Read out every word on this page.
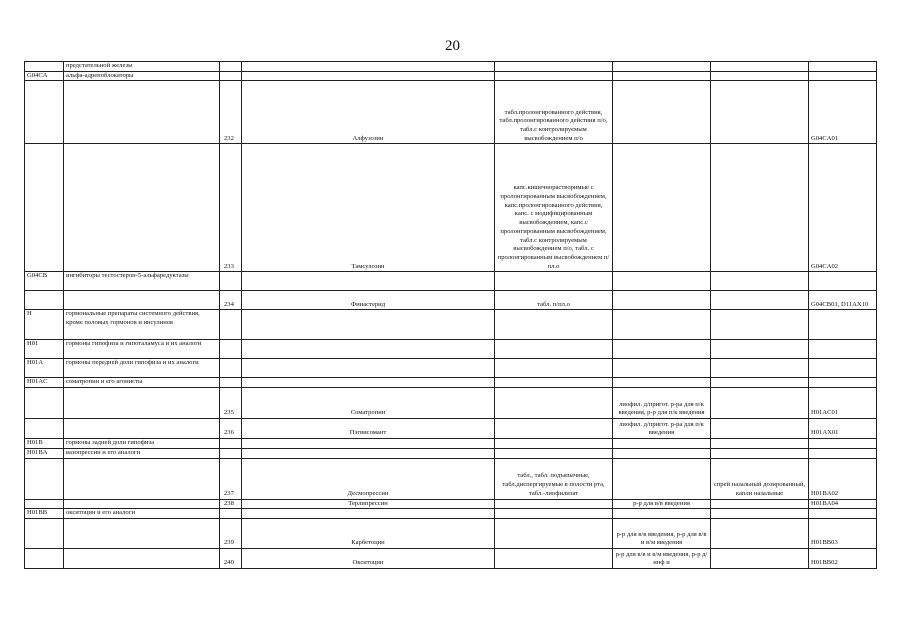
20
	предстательной железы						
G04CA	альфа-адреноблокаторы						
		232	Алфузозин	табл.пролонгированного действия, табл.пролонгированного действия п/о, табл.с контролируемым высвобождением п/о			G04CA01
		233	Тамсулозин	капс.кишечнорастворимые с пролонгированным высвобождением, капс.пролонгированного действия, капс. с модифицированным высвобождением, капс.с пролонгированным высвобождением, табл.с контролируемым высвобождением п/о, табл. с пролонгированным высвобождением п/пл.о			G04CA02
G04CB	ингибиторы тестостерон-5-альфаредуктазы						
		234	Финастерид	табл. п/пл.о			G04CB01, D11AX10
H	гормональные препараты системного действия, кроме половых гормонов и инсулинов						
H01	гормоны гипофиза и гипоталамуса и их аналоги						
H01A	гормоны передней доли гипофиза и их аналоги						
H01AC	соматропин и его агонисты						
		235	Соматропин		лиофил. д/пригот. р-ра для п/к введения, р-р для п/к введения		H01AC01
		236	Пэгвисомант		лиофил. д/пригот. р-ра для п/к введения		H01AX01
H01B	гормоны задней доли гипофиза						
H01BA	вазопрессин и его аналоги						
		237	Десмопрессин	табл., табл. подъязычные, табл.диспергируемые в полости рта, табл.-лиофилизат		спрей назальный дозированный, капли назальные	H01BA02
		238	Терлипрессин		р-р для в/в введения		H01BA04
H01BB	окситоцин и его аналоги						
		239	Карбетоцин		р-р для в/в введения, р-р для в/в и в/м введения		H01BB03
		240	Окситоцин		р-р для в/в и в/м введения, р-р д/инф и		H01BB02
